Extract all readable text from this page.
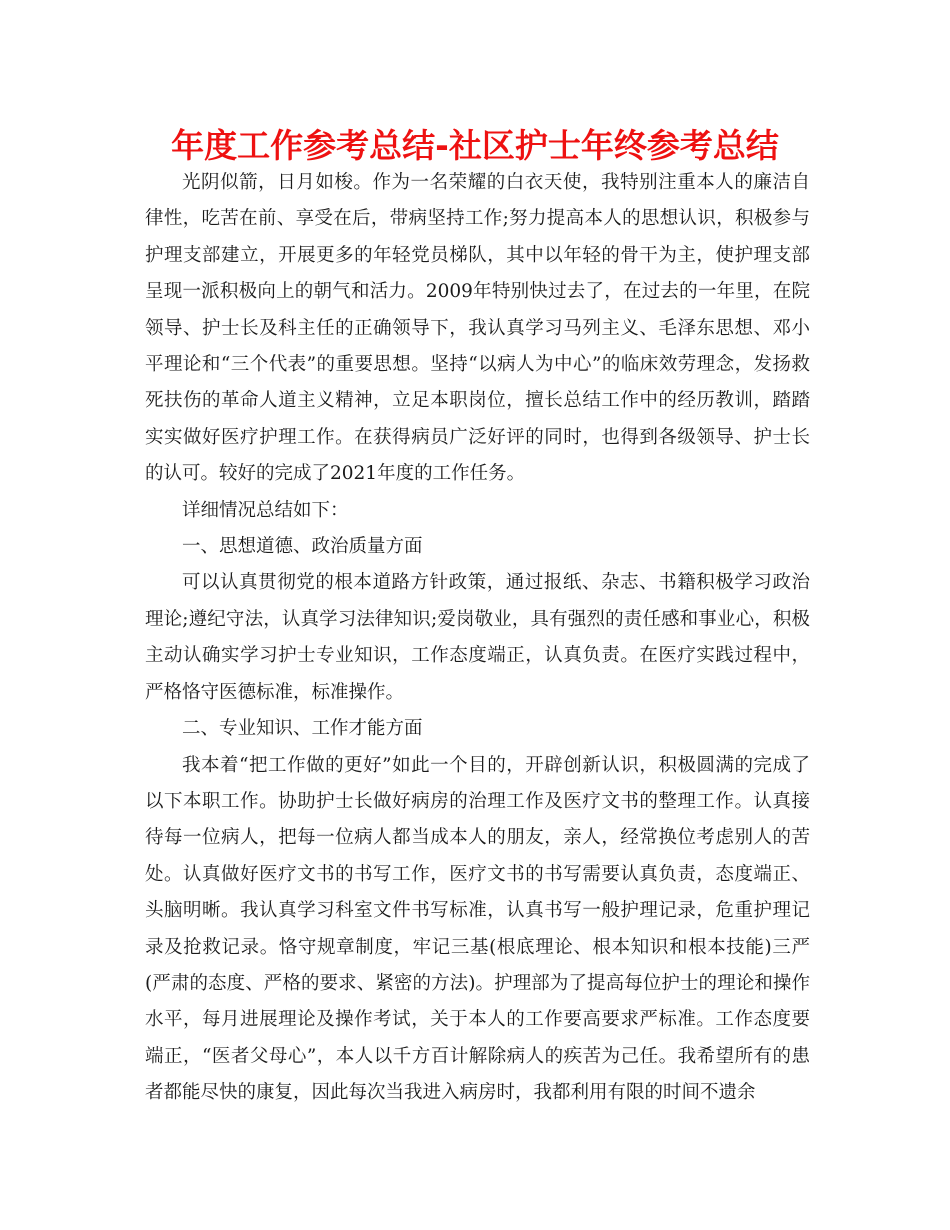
年度工作参考总结-社区护士年终参考总结

光阴似箭，日月如梭。作为一名荣耀的白衣天使，我特别注重本人的廉洁自律性，吃苦在前、享受在后，带病坚持工作;努力提高本人的思想认识，积极参与护理支部建立，开展更多的年轻党员梯队，其中以年轻的骨干为主，使护理支部呈现一派积极向上的朝气和活力。2009年特别快过去了，在过去的一年里，在院领导、护士长及科主任的正确领导下，我认真学习马列主义、毛泽东思想、邓小平理论和“三个代表”的重要思想。坚持“以病人为中心”的临床效劳理念，发扬救死扶伤的革命人道主义精神，立足本职岗位，擅长总结工作中的经历教训，踏踏实实做好医疗护理工作。在获得病员广泛好评的同时，也得到各级领导、护士长的认可。较好的完成了2021年度的工作任务。

详细情况总结如下：

一、思想道德、政治质量方面

可以认真贯彻党的根本道路方针政策，通过报纸、杂志、书籍积极学习政治理论;遵纪守法，认真学习法律知识;爱岗敬业，具有强烈的责任感和事业心，积极主动认确实学习护士专业知识，工作态度端正，认真负责。在医疗实践过程中，严格恪守医德标准，标准操作。

二、专业知识、工作才能方面

我本着“把工作做的更好”如此一个目的，开辟创新认识，积极圆满的完成了以下本职工作。协助护士长做好病房的治理工作及医疗文书的整理工作。认真接待每一位病人，把每一位病人都当成本人的朋友，亲人，经常换位考虑别人的苦处。认真做好医疗文书的书写工作，医疗文书的书写需要认真负责，态度端正、头脑明晰。我认真学习科室文件书写标准，认真书写一般护理记录，危重护理记录及抢救记录。恪守规章制度，牢记三基(根底理论、根本知识和根本技能)三严(严肃的态度、严格的要求、紧密的方法)。护理部为了提高每位护士的理论和操作水平，每月进展理论及操作考试，关于本人的工作要高要求严标准。工作态度要端正，“医者父母心”，本人以千方百计解除病人的疾苦为己任。我希望所有的患者都能尽快的康复，因此每次当我进入病房时，我都利用有限的时间不遗余
